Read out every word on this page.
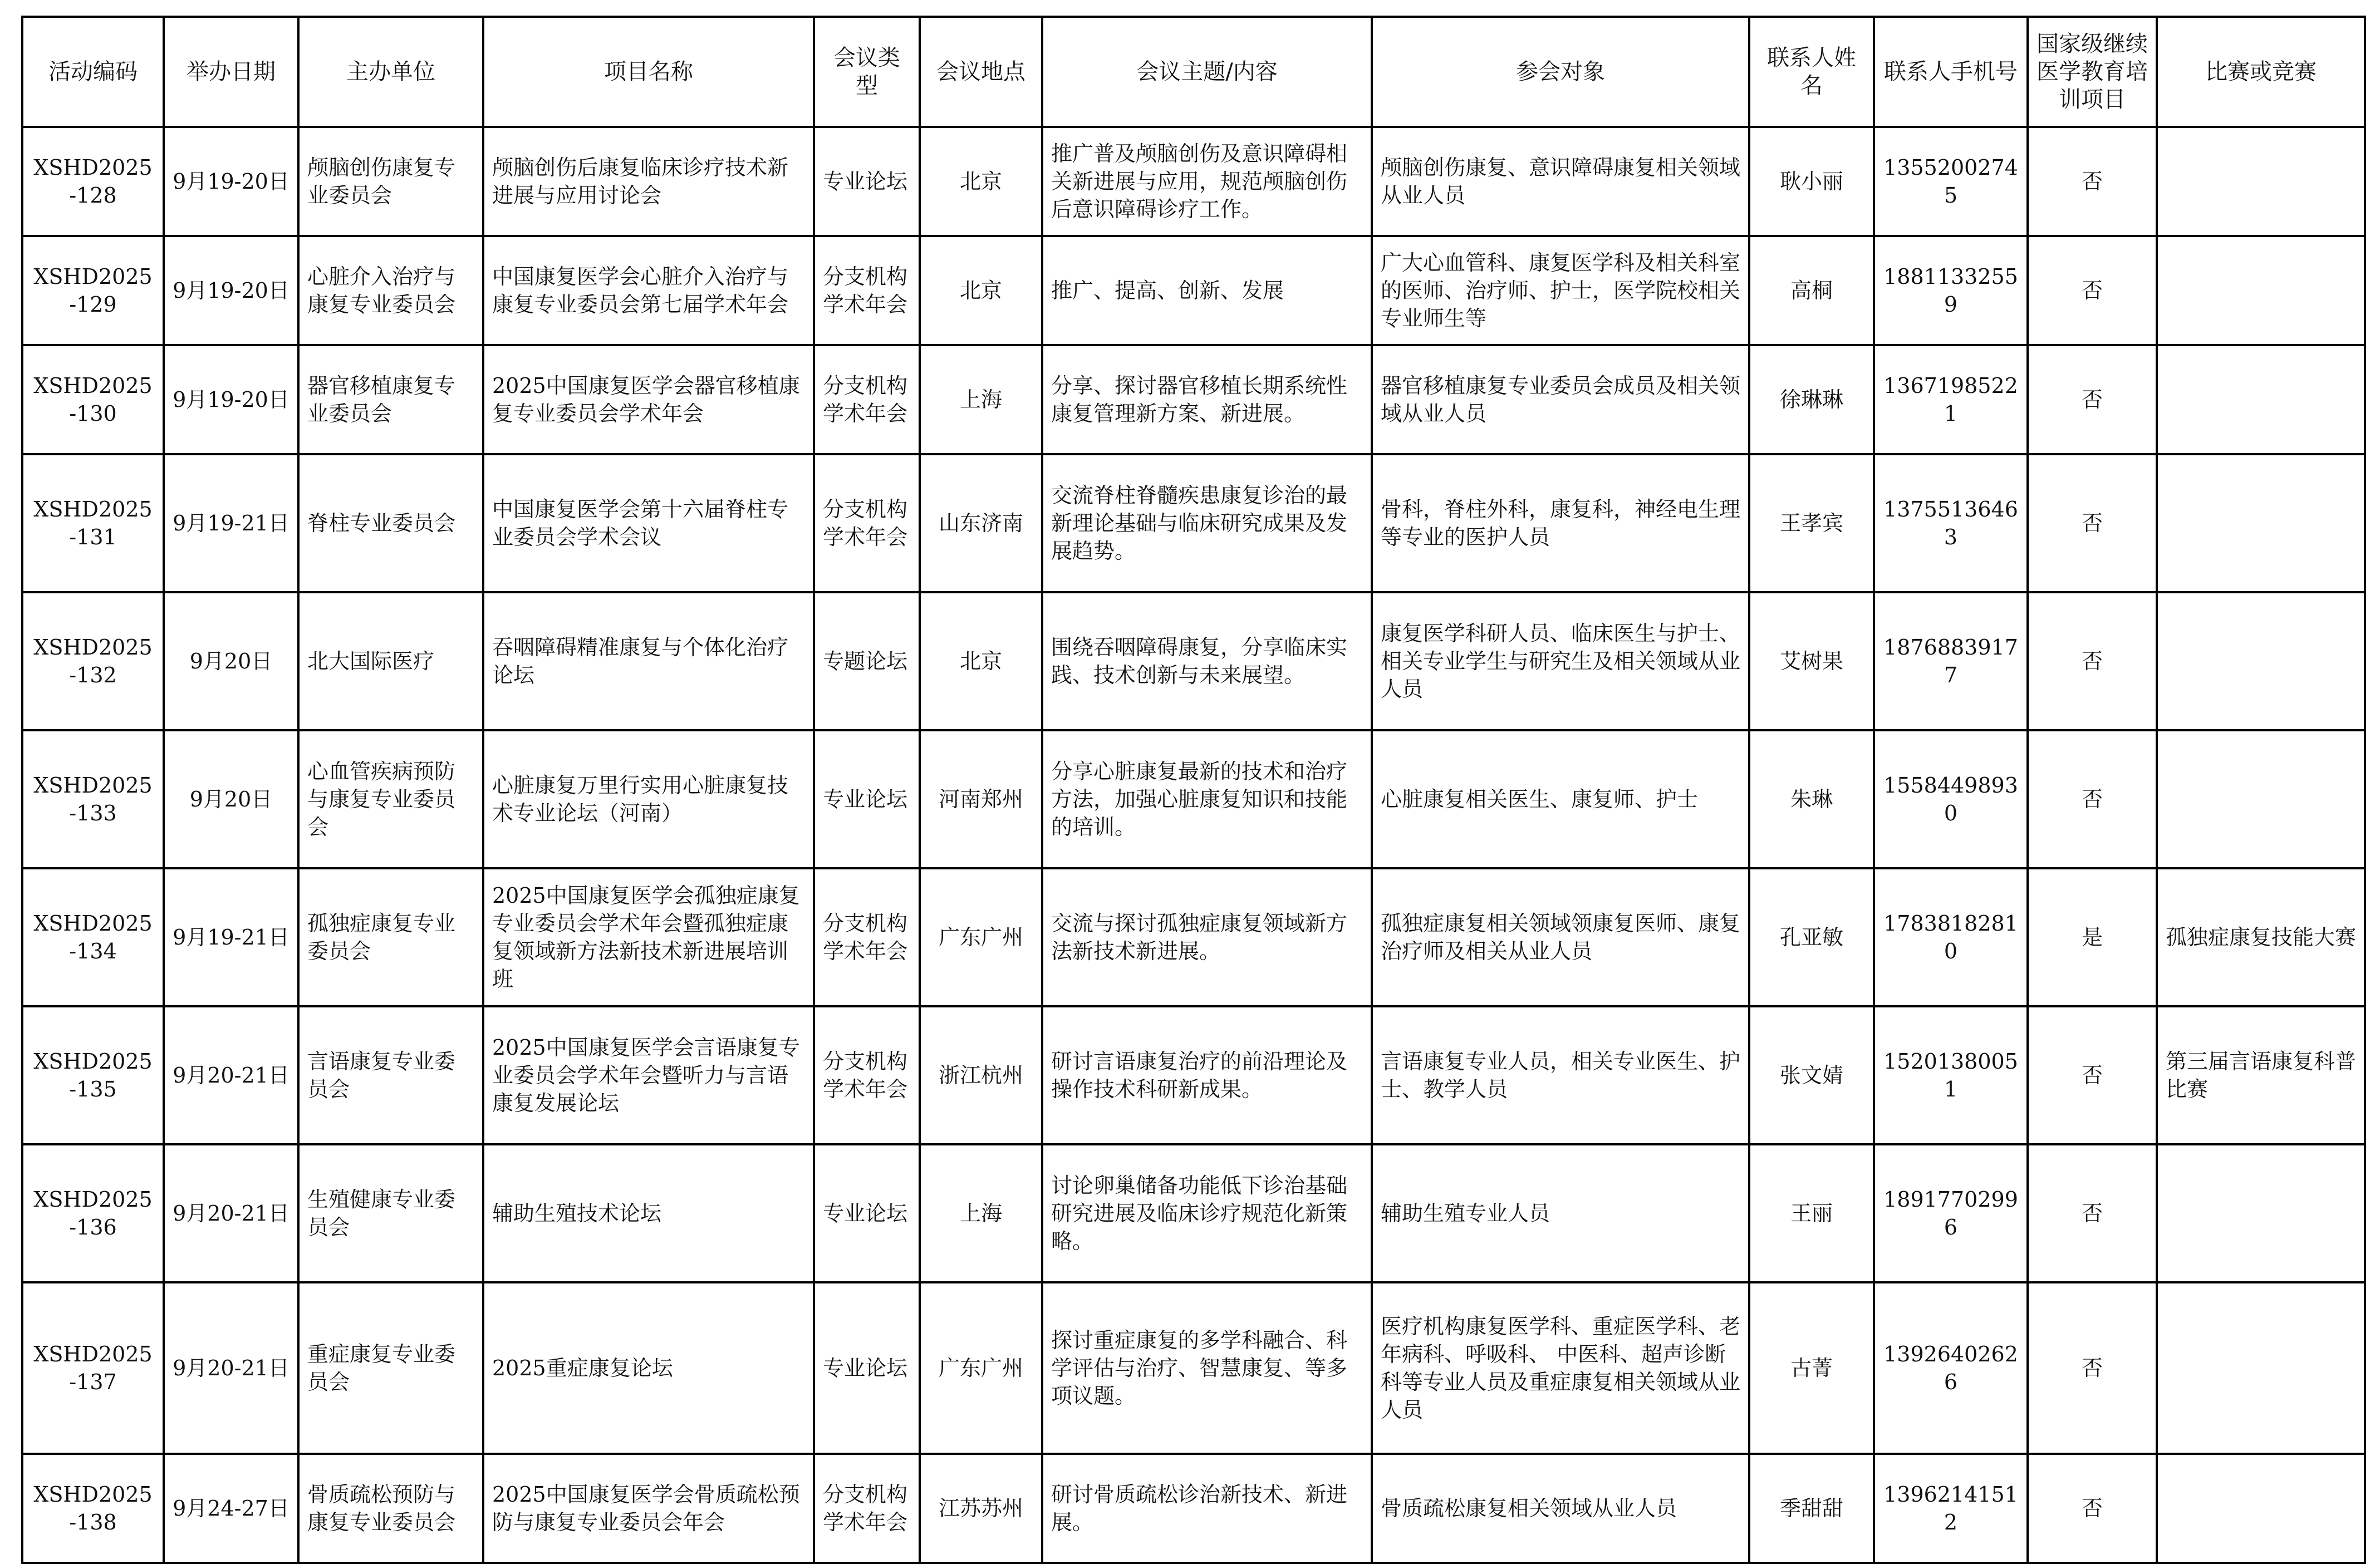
活动编码	举办日期	主办单位	项目名称	会议类型	会议地点	会议主题/内容	参会对象	联系人姓名	联系人手机号	国家级继续医学教育培训项目	比赛或竞赛
XSHD2025-128	9月19-20日	颅脑创伤康复专业委员会	颅脑创伤后康复临床诊疗技术新进展与应用讨论会	专业论坛	北京	推广普及颅脑创伤及意识障碍相关新进展与应用，规范颅脑创伤后意识障碍诊疗工作。	颅脑创伤康复、意识障碍康复相关领域从业人员	耿小丽	13552002745	否	
XSHD2025-129	9月19-20日	心脏介入治疗与康复专业委员会	中国康复医学会心脏介入治疗与康复专业委员会第七届学术年会	分支机构学术年会	北京	推广、提高、创新、发展	广大心血管科、康复医学科及相关科室的医师、治疗师、护士，医学院校相关专业师生等	高桐	18811332559	否	
XSHD2025-130	9月19-20日	器官移植康复专业委员会	2025中国康复医学会器官移植康复专业委员会学术年会	分支机构学术年会	上海	分享、探讨器官移植长期系统性康复管理新方案、新进展。	器官移植康复专业委员会成员及相关领域从业人员	徐琳琳	13671985221	否	
XSHD2025-131	9月19-21日	脊柱专业委员会	中国康复医学会第十六届脊柱专业委员会学术会议	分支机构学术年会	山东济南	交流脊柱脊髓疾患康复诊治的最新理论基础与临床研究成果及发展趋势。	骨科，脊柱外科，康复科，神经电生理等专业的医护人员	王孝宾	13755136463	否	
XSHD2025-132	9月20日	北大国际医疗	吞咽障碍精准康复与个体化治疗论坛	专题论坛	北京	围绕吞咽障碍康复，分享临床实践、技术创新与未来展望。	康复医学科研人员、临床医生与护士、相关专业学生与研究生及相关领域从业人员	艾树果	18768839177	否	
XSHD2025-133	9月20日	心血管疾病预防与康复专业委员会	心脏康复万里行实用心脏康复技术专业论坛（河南）	专业论坛	河南郑州	分享心脏康复最新的技术和治疗方法，加强心脏康复知识和技能的培训。	心脏康复相关医生、康复师、护士	朱琳	15584498930	否	
XSHD2025-134	9月19-21日	孤独症康复专业委员会	2025中国康复医学会孤独症康复专业委员会学术年会暨孤独症康复领域新方法新技术新进展培训班	分支机构学术年会	广东广州	交流与探讨孤独症康复领域新方法新技术新进展。	孤独症康复相关领域领康复医师、康复治疗师及相关从业人员	孔亚敏	17838182810	是	孤独症康复技能大赛
XSHD2025-135	9月20-21日	言语康复专业委员会	2025中国康复医学会言语康复专业委员会学术年会暨听力与言语康复发展论坛	分支机构学术年会	浙江杭州	研讨言语康复治疗的前沿理论及操作技术科研新成果。	言语康复专业人员，相关专业医生、护士、教学人员	张文婧	15201380051	否	第三届言语康复科普比赛
XSHD2025-136	9月20-21日	生殖健康专业委员会	辅助生殖技术论坛	专业论坛	上海	讨论卵巢储备功能低下诊治基础研究进展及临床诊疗规范化新策略。	辅助生殖专业人员	王丽	18917702996	否	
XSHD2025-137	9月20-21日	重症康复专业委员会	2025重症康复论坛	专业论坛	广东广州	探讨重症康复的多学科融合、科学评估与治疗、智慧康复、等多项议题。	医疗机构康复医学科、重症医学科、老年病科、呼吸科、 中医科、超声诊断科等专业人员及重症康复相关领域从业人员	古菁	13926402626	否	
XSHD2025-138	9月24-27日	骨质疏松预防与康复专业委员会	2025中国康复医学会骨质疏松预防与康复专业委员会年会	分支机构学术年会	江苏苏州	研讨骨质疏松诊治新技术、新进展。	骨质疏松康复相关领域从业人员	季甜甜	13962141512	否	
